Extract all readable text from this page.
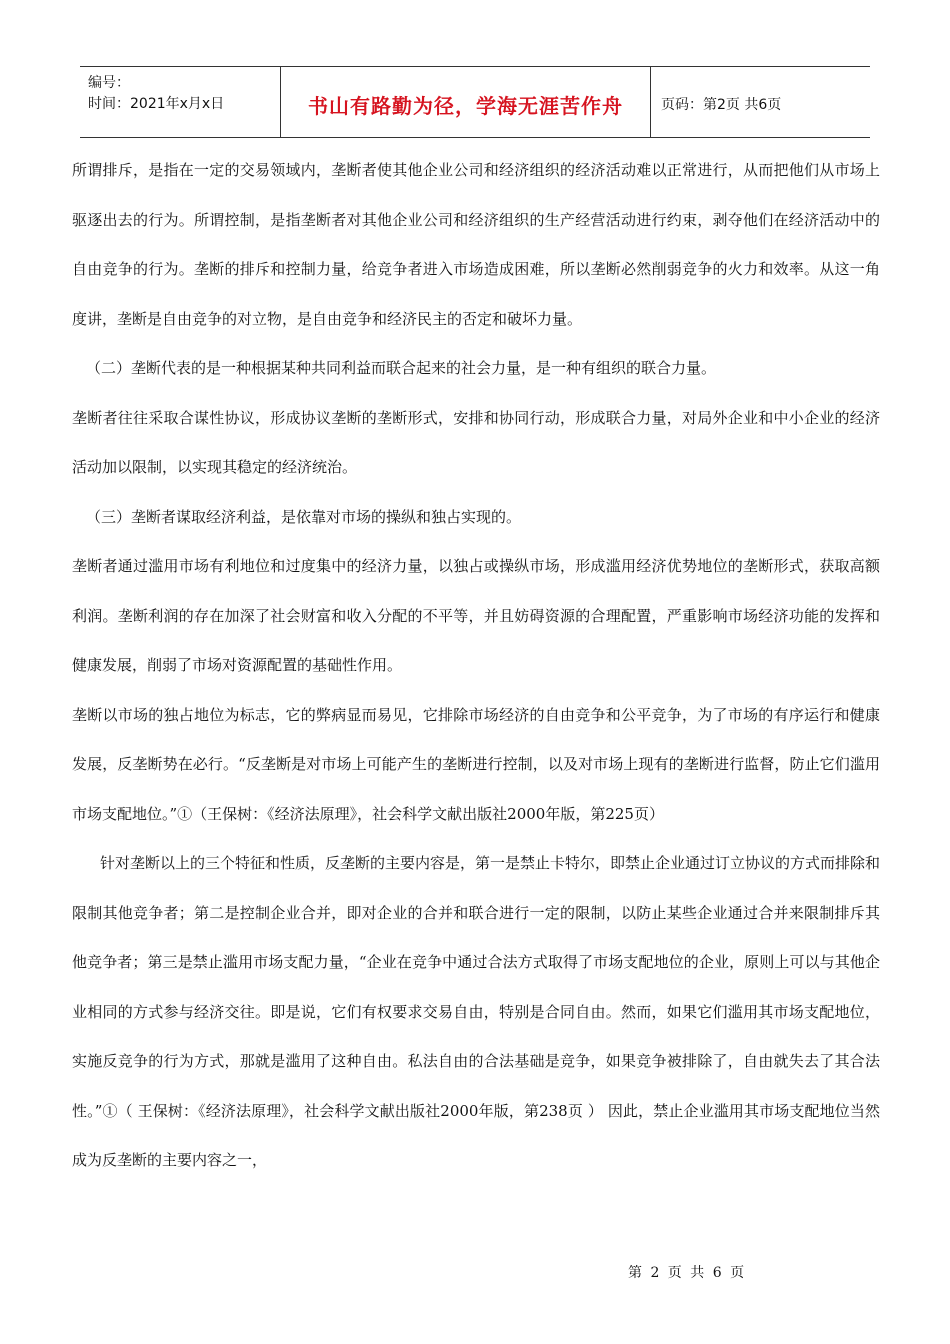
编号：
时间：2021年x月x日	书山有路勤为径，学海无涯苦作舟	页码：第2页 共6页

所谓排斥，是指在一定的交易领域内，垄断者使其他企业公司和经济组织的经济活动难以正常进行，从而把他们从市场上驱逐出去的行为。所谓控制，是指垄断者对其他企业公司和经济组织的生产经营活动进行约束，剥夺他们在经济活动中的自由竞争的行为。垄断的排斥和控制力量，给竞争者进入市场造成困难，所以垄断必然削弱竞争的火力和效率。从这一角度讲，垄断是自由竞争的对立物，是自由竞争和经济民主的否定和破坏力量。

（二）垄断代表的是一种根据某种共同利益而联合起来的社会力量，是一种有组织的联合力量。

垄断者往往采取合谋性协议，形成协议垄断的垄断形式，安排和协同行动，形成联合力量，对局外企业和中小企业的经济活动加以限制，以实现其稳定的经济统治。

（三）垄断者谋取经济利益，是依靠对市场的操纵和独占实现的。

垄断者通过滥用市场有利地位和过度集中的经济力量，以独占或操纵市场，形成滥用经济优势地位的垄断形式，获取高额利润。垄断利润的存在加深了社会财富和收入分配的不平等，并且妨碍资源的合理配置，严重影响市场经济功能的发挥和健康发展，削弱了市场对资源配置的基础性作用。

垄断以市场的独占地位为标志，它的弊病显而易见，它排除市场经济的自由竞争和公平竞争，为了市场的有序运行和健康发展，反垄断势在必行。“反垄断是对市场上可能产生的垄断进行控制，以及对市场上现有的垄断进行监督，防止它们滥用市场支配地位。”①（王保树：《经济法原理》，社会科学文献出版社2000年版，第225页）

针对垄断以上的三个特征和性质，反垄断的主要内容是，第一是禁止卡特尔，即禁止企业通过订立协议的方式而排除和限制其他竞争者；第二是控制企业合并，即对企业的合并和联合进行一定的限制，以防止某些企业通过合并来限制排斥其他竞争者；第三是禁止滥用市场支配力量，“企业在竞争中通过合法方式取得了市场支配地位的企业，原则上可以与其他企业相同的方式参与经济交往。即是说，它们有权要求交易自由，特别是合同自由。然而，如果它们滥用其市场支配地位，实施反竞争的行为方式，那就是滥用了这种自由。私法自由的合法基础是竞争，如果竞争被排除了，自由就失去了其合法性。”①（ 王保树：《经济法原理》，社会科学文献出版社2000年版，第238页 ） 因此，禁止企业滥用其市场支配地位当然成为反垄断的主要内容之一，

第 2 页 共 6 页
